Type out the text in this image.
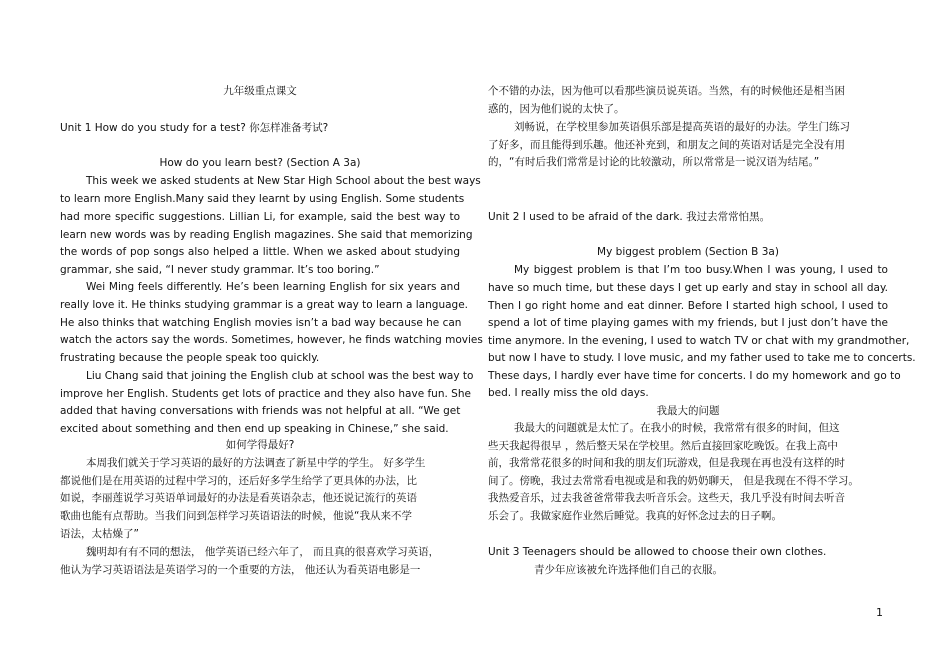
九年级重点课文
Unit 1 How do you study for a test? 你怎样准备考试?
How do you learn best? (Section A 3a)
This week we asked students at New Star High School about the best ways
to learn more English.Many said they learnt by using English. Some students
had more specific suggestions. Lillian Li, for example, said the best way to
learn new words was by reading English magazines. She said that memorizing
the words of pop songs also helped a little. When we asked about studying
grammar, she said, “I never study grammar. It’s too boring.”
Wei Ming feels differently. He’s been learning English for six years and
really love it. He thinks studying grammar is a great way to learn a language.
He also thinks that watching English movies isn’t a bad way because he can
watch the actors say the words. Sometimes, however, he finds watching movies
frustrating because the people speak too quickly.
Liu Chang said that joining the English club at school was the best way to
improve her English. Students get lots of practice and they also have fun. She
added that having conversations with friends was not helpful at all. “We get
excited about something and then end up speaking in Chinese,” she said.
如何学得最好?
本周我们就关于学习英语的最好的方法调查了新星中学的学生。 好多学生
都说他们是在用英语的过程中学习的，还后好多学生给学了更具体的办法，比
如说，李丽莲说学习英语单词最好的办法是看英语杂志，他还说记流行的英语
歌曲也能有点帮助。当我们问到怎样学习英语语法的时候，他说“我从来不学
语法，太枯燥了”
魏明却有有不同的想法， 他学英语已经六年了， 而且真的很喜欢学习英语，
他认为学习英语语法是英语学习的一个重要的方法， 他还认为看英语电影是一
个不错的办法，因为他可以看那些演员说英语。当然，有的时候他还是相当困
惑的，因为他们说的太快了。
刘畅说，在学校里参加英语俱乐部是提高英语的最好的办法。学生门练习
了好多，而且能得到乐趣。他还补充到，和朋友之间的英语对话是完全没有用
的，“有时后我们常常是讨论的比较激动，所以常常是一说汉语为结尾。”
Unit 2 I used to be afraid of the dark. 我过去常常怕黑。
My biggest problem (Section B 3a)
My biggest problem is that I’m too busy.When I was young, I used to
have so much time, but these days I get up early and stay in school all day.
Then I go right home and eat dinner. Before I started high school, I used to
spend a lot of time playing games with my friends, but I just don’t have the
time anymore. In the evening, I used to watch TV or chat with my grandmother,
but now I have to study. I love music, and my father used to take me to concerts.
These days, I hardly ever have time for concerts. I do my homework and go to
bed. I really miss the old days.
我最大的问题
我最大的问题就是太忙了。在我小的时候，我常常有很多的时间，但这
些天我起得很早 ，然后整天呆在学校里。然后直接回家吃晚饭。在我上高中
前，我常常花很多的时间和我的朋友们玩游戏，但是我现在再也没有这样的时
间了。傍晚，我过去常常看电视或是和我的奶奶聊天， 但是我现在不得不学习。
我热爱音乐，过去我爸爸常带我去听音乐会。这些天，我几乎没有时间去听音
乐会了。我做家庭作业然后睡觉。我真的好怀念过去的日子啊。
Unit 3 Teenagers should be allowed to choose their own clothes.
青少年应该被允许选择他们自己的衣服。
1
